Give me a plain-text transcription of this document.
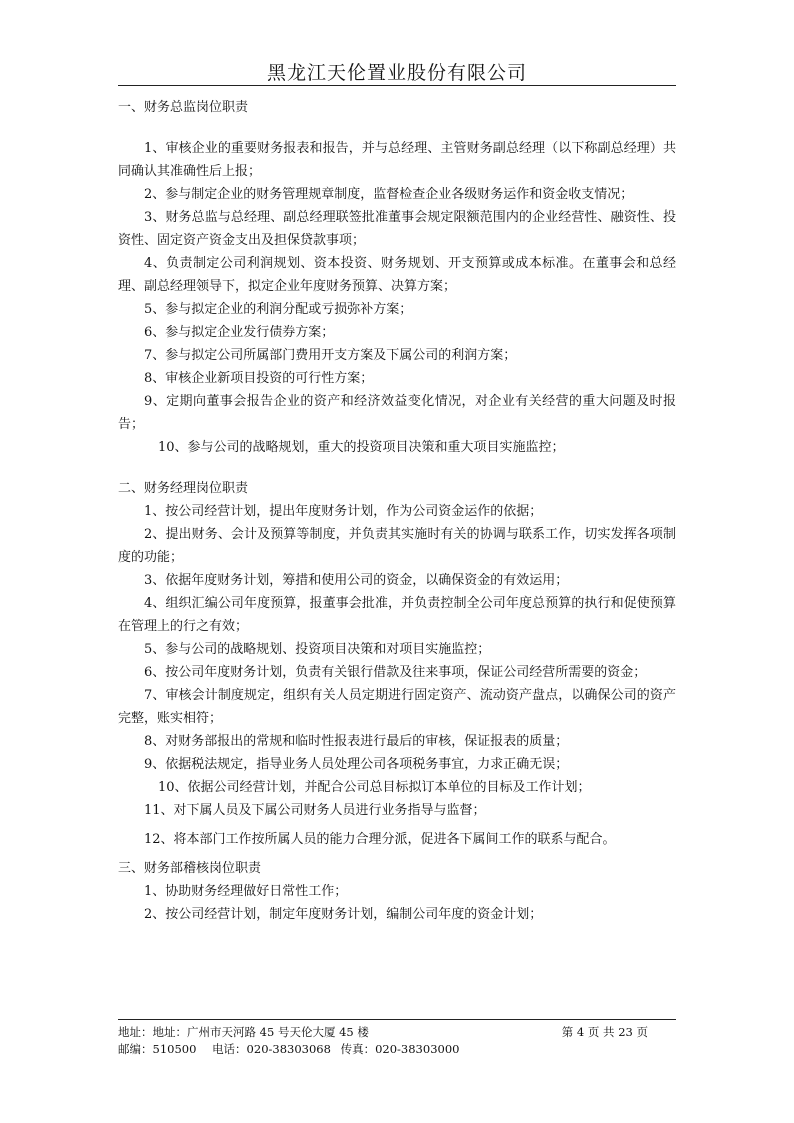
黑龙江天伦置业股份有限公司
一、财务总监岗位职责

1、审核企业的重要财务报表和报告，并与总经理、主管财务副总经理（以下称副总经理）共同确认其准确性后上报；

2、参与制定企业的财务管理规章制度，监督检查企业各级财务运作和资金收支情况；

3、财务总监与总经理、副总经理联签批准董事会规定限额范围内的企业经营性、融资性、投资性、固定资产资金支出及担保贷款事项；

4、负责制定公司利润规划、资本投资、财务规划、开支预算或成本标准。在董事会和总经理、副总经理领导下，拟定企业年度财务预算、决算方案；

5、参与拟定企业的利润分配或亏损弥补方案；

6、参与拟定企业发行债券方案；

7、参与拟定公司所属部门费用开支方案及下属公司的利润方案；

8、审核企业新项目投资的可行性方案；

9、定期向董事会报告企业的资产和经济效益变化情况，对企业有关经营的重大问题及时报告；

10、参与公司的战略规划，重大的投资项目决策和重大项目实施监控；

二、财务经理岗位职责

1、按公司经营计划，提出年度财务计划，作为公司资金运作的依据；

2、提出财务、会计及预算等制度，并负责其实施时有关的协调与联系工作，切实发挥各项制度的功能；

3、依据年度财务计划，筹措和使用公司的资金，以确保资金的有效运用；

4、组织汇编公司年度预算，报董事会批准，并负责控制全公司年度总预算的执行和促使预算在管理上的行之有效；

5、参与公司的战略规划、投资项目决策和对项目实施监控；

6、按公司年度财务计划，负责有关银行借款及往来事项，保证公司经营所需要的资金；

7、审核会计制度规定，组织有关人员定期进行固定资产、流动资产盘点，以确保公司的资产完整，账实相符；

8、对财务部报出的常规和临时性报表进行最后的审核，保证报表的质量；

9、依据税法规定，指导业务人员处理公司各项税务事宜，力求正确无误；

10、依据公司经营计划，并配合公司总目标拟订本单位的目标及工作计划；

11、对下属人员及下属公司财务人员进行业务指导与监督；

12、将本部门工作按所属人员的能力合理分派，促进各下属间工作的联系与配合。

三、财务部稽核岗位职责

1、协助财务经理做好日常性工作；

2、按公司经营计划，制定年度财务计划，编制公司年度的资金计划；

地址：地址：广州市天河路 45 号天伦大厦 45 楼	第 4 页 共 23 页
邮编：510500 电话：020-38303068 传真：020-38303000
